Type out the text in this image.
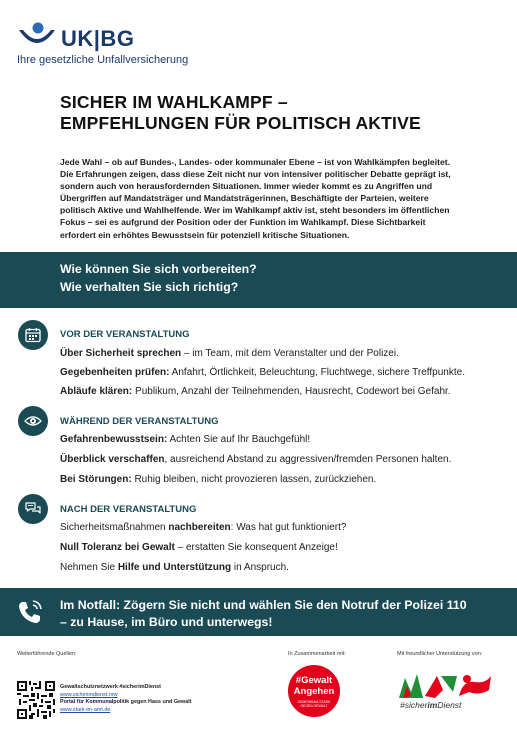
UK|BG
Ihre gesetzliche Unfallversicherung
SICHER IM WAHLKAMPF –
EMPFEHLUNGEN FÜR POLITISCH AKTIVE

Jede Wahl – ob auf Bundes-, Landes- oder kommunaler Ebene – ist von Wahlkämpfen begleitet. Die Erfahrungen zeigen, dass diese Zeit nicht nur von intensiver politischer Debatte geprägt ist, sondern auch von herausfordernden Situationen. Immer wieder kommt es zu Angriffen und Übergriffen auf Mandatsträger und Mandatsträgerinnen, Beschäftigte der Parteien, weitere politisch Aktive und Wahlhelfende. Wer im Wahlkampf aktiv ist, steht besonders im öffentlichen Fokus – sei es aufgrund der Position oder der Funktion im Wahlkampf. Diese Sichtbarkeit erfordert ein erhöhtes Bewusstsein für potenziell kritische Situationen.

Wie können Sie sich vorbereiten?
Wie verhalten Sie sich richtig?
VOR DER VERANSTALTUNG
Über Sicherheit sprechen – im Team, mit dem Veranstalter und der Polizei.
Gegebenheiten prüfen: Anfahrt, Örtlichkeit, Beleuchtung, Fluchtwege, sichere Treffpunkte.
Abläufe klären: Publikum, Anzahl der Teilnehmenden, Hausrecht, Codewort bei Gefahr.
WÄHREND DER VERANSTALTUNG
Gefahrenbewusstsein: Achten Sie auf Ihr Bauchgefühl!
Überblick verschaffen, ausreichend Abstand zu aggressiven/fremden Personen halten.
Bei Störungen: Ruhig bleiben, nicht provozieren lassen, zurückziehen.
NACH DER VERANSTALTUNG
Sicherheitsmaßnahmen nachbereiten: Was hat gut funktioniert?
Null Toleranz bei Gewalt – erstatten Sie konsequent Anzeige!
Nehmen Sie Hilfe und Unterstützung in Anspruch.
Im Notfall: Zögern Sie nicht und wählen Sie den Notruf der Polizei 110
– zu Hause, im Büro und unterwegs!
Weiterführende Quellen:	In Zusammenarbeit mit:	Mit freundlicher Unterstützung von:
Gewaltschutznetzwerk #sicherimDienst
www.sicherimdienst.nrw
Portal für Kommunalpolitik gegen Hass und Gewalt
www.stark-im-amt.de
#Gewalt
Angehen
GEMEINSAM STARK
GEGEN GEWALT	#sicherimDienst
